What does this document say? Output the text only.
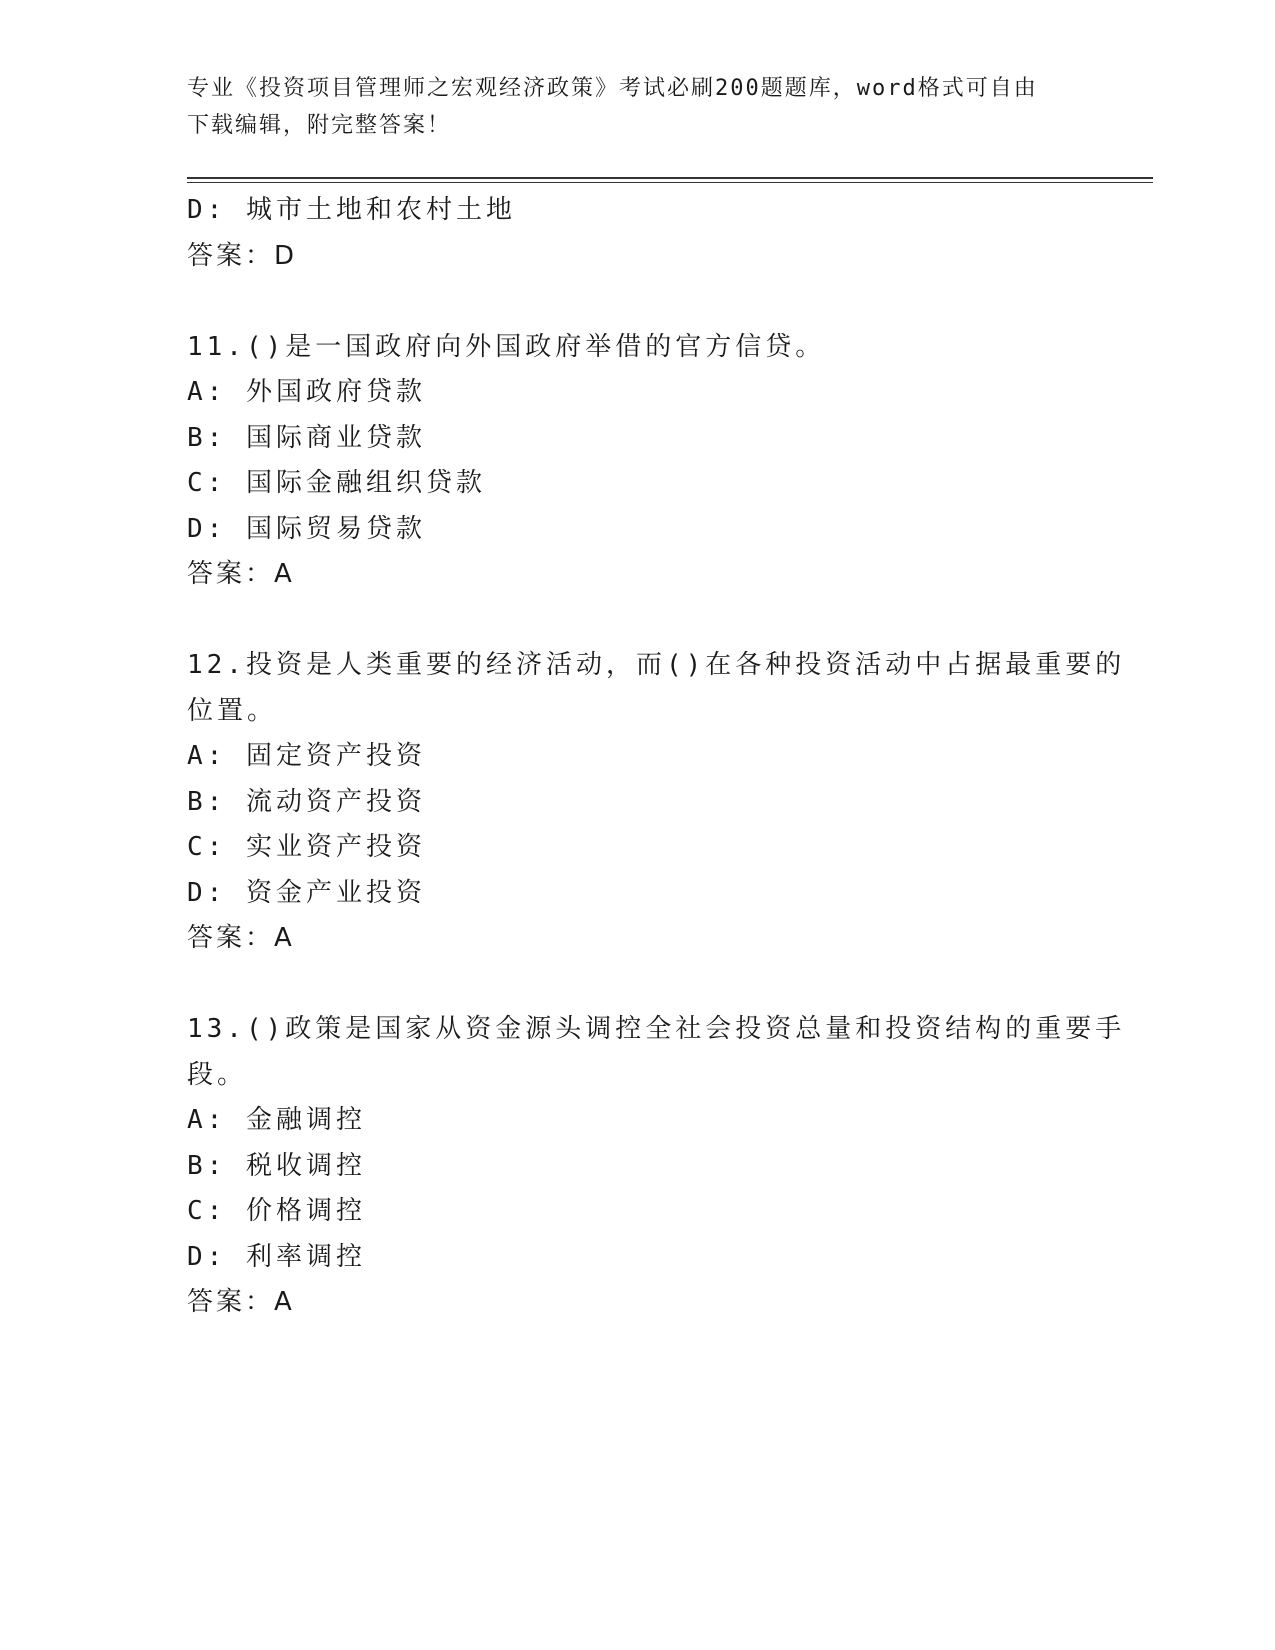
专业《投资项目管理师之宏观经济政策》考试必刷200题题库，word格式可自由
下载编辑，附完整答案！
D: 城市土地和农村土地
答案：D
11.()是一国政府向外国政府举借的官方信贷。
A: 外国政府贷款
B: 国际商业贷款
C: 国际金融组织贷款
D: 国际贸易贷款
答案：A
12.投资是人类重要的经济活动，而()在各种投资活动中占据最重要的
位置。
A: 固定资产投资
B: 流动资产投资
C: 实业资产投资
D: 资金产业投资
答案：A
13.()政策是国家从资金源头调控全社会投资总量和投资结构的重要手
段。
A: 金融调控
B: 税收调控
C: 价格调控
D: 利率调控
答案：A
